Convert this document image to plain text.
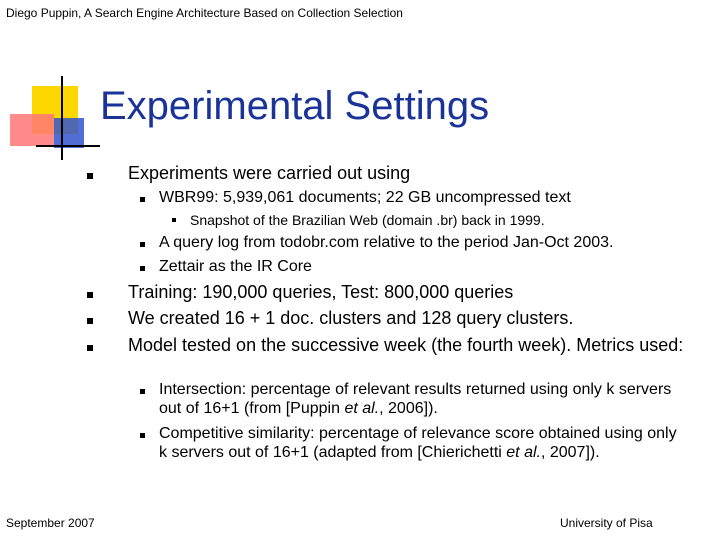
Diego Puppin, A Search Engine Architecture Based on Collection Selection
Experimental Settings
Experiments were carried out using
WBR99: 5,939,061 documents; 22 GB uncompressed text
Snapshot of the Brazilian Web (domain .br) back in 1999.
A query log from todobr.com relative to the period Jan-Oct 2003.
Zettair as the IR Core
Training: 190,000 queries, Test: 800,000 queries
We created 16 + 1 doc. clusters and 128 query clusters.
Model tested on the successive week (the fourth week). Metrics used:
Intersection: percentage of relevant results returned using only k servers out of 16+1 (from [Puppin et al., 2006]).
Competitive similarity: percentage of relevance score obtained using only k servers out of 16+1 (adapted from [Chierichetti et al., 2007]).
September 2007	University of Pisa
